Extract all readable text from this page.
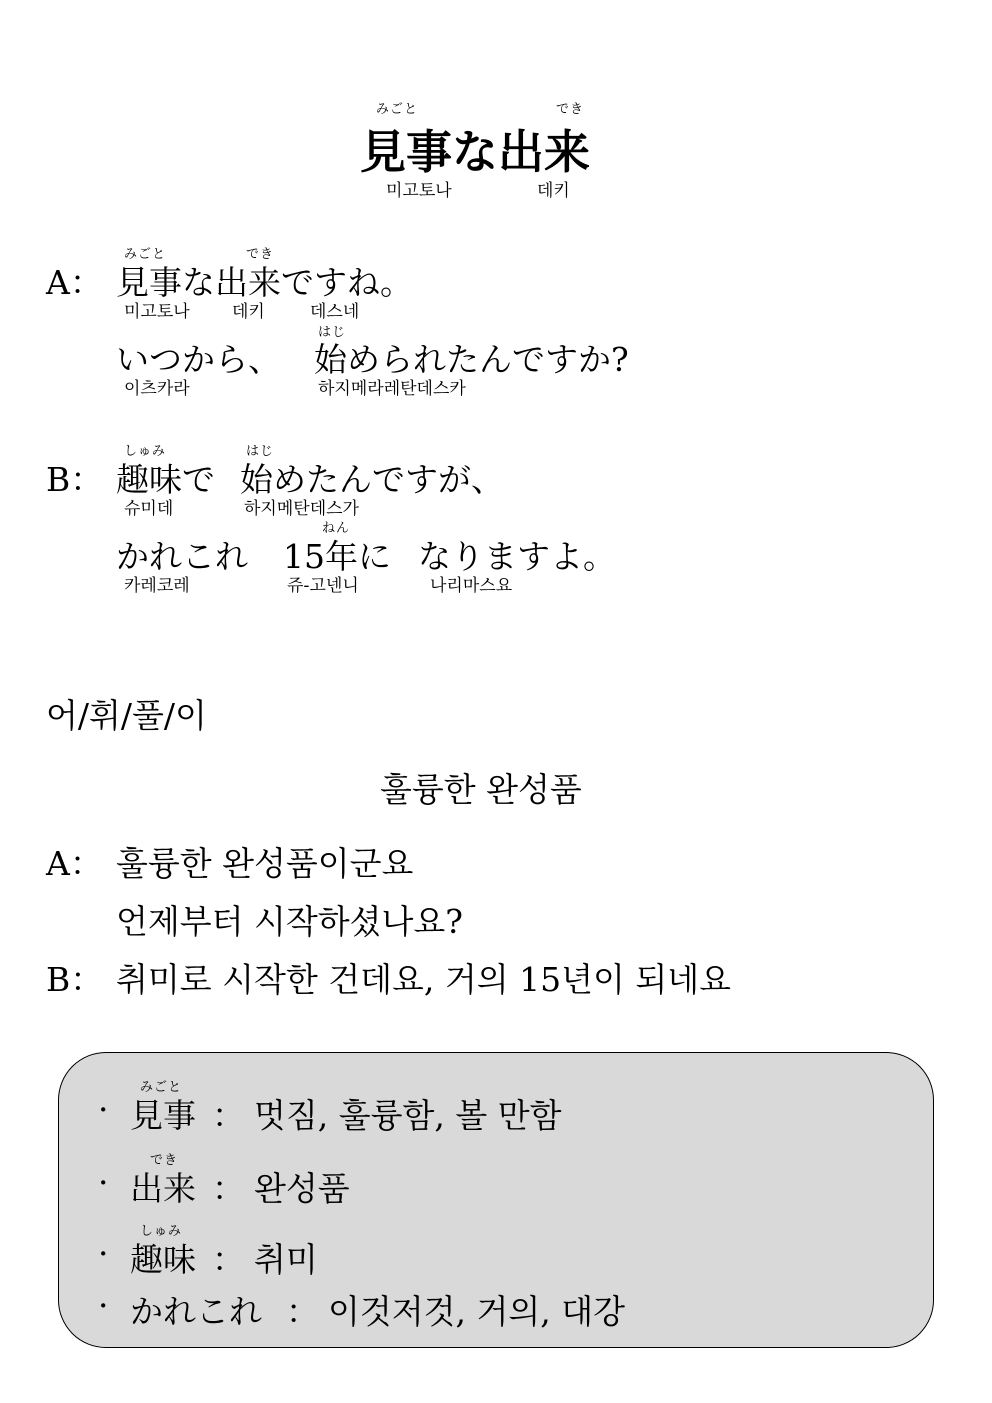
みごと	でき
見事な出来
미고토나	데키
みごと	でき
A： 見事な出来ですね。
미고토나 데키	데스네
はじ
いつから、 始められたんですか?
이츠카라	하지메라레탄데스카
しゅみ	はじ
B： 趣味で 始めたんですが、
슈미데	하지메탄데스가
ねん
かれこれ 15年に なりますよ。
카레코레	쥬-고넨니	나리마스요
어/휘/풀/이
훌륭한 완성품
A： 훌륭한 완성품이군요
언제부터 시작하셨나요?
B： 취미로 시작한 건데요, 거의 15년이 되네요
·
みごと
見事 ： 멋짐, 훌륭함, 볼 만함
·
でき
出来 ： 완성품
·
しゅみ
趣味 ： 취미
· かれこれ ： 이것저것, 거의, 대강
